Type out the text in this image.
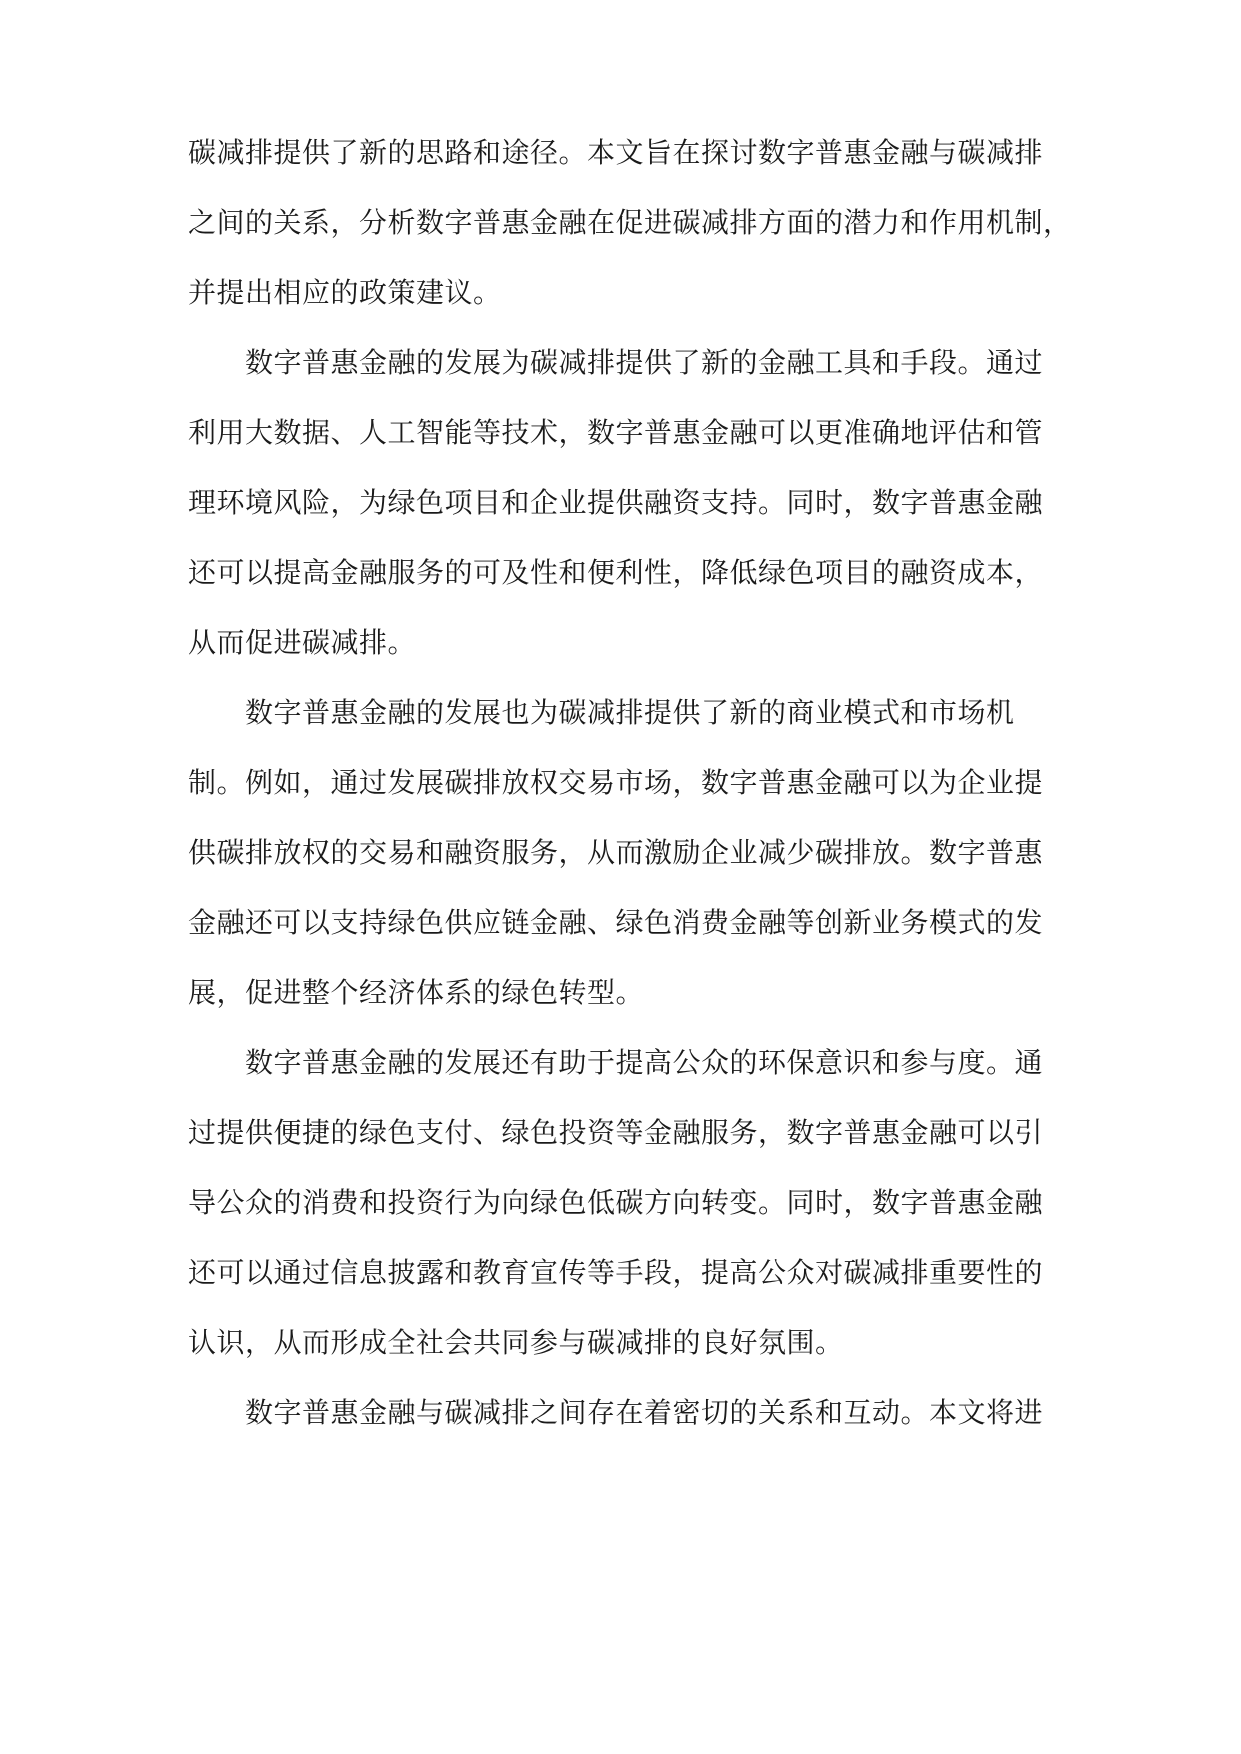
碳减排提供了新的思路和途径。本文旨在探讨数字普惠金融与碳减排
之间的关系，分析数字普惠金融在促进碳减排方面的潜力和作用机制，
并提出相应的政策建议。
数字普惠金融的发展为碳减排提供了新的金融工具和手段。通过
利用大数据、人工智能等技术，数字普惠金融可以更准确地评估和管
理环境风险，为绿色项目和企业提供融资支持。同时，数字普惠金融
还可以提高金融服务的可及性和便利性，降低绿色项目的融资成本，
从而促进碳减排。
数字普惠金融的发展也为碳减排提供了新的商业模式和市场机
制。例如，通过发展碳排放权交易市场，数字普惠金融可以为企业提
供碳排放权的交易和融资服务，从而激励企业减少碳排放。数字普惠
金融还可以支持绿色供应链金融、绿色消费金融等创新业务模式的发
展，促进整个经济体系的绿色转型。
数字普惠金融的发展还有助于提高公众的环保意识和参与度。通
过提供便捷的绿色支付、绿色投资等金融服务，数字普惠金融可以引
导公众的消费和投资行为向绿色低碳方向转变。同时，数字普惠金融
还可以通过信息披露和教育宣传等手段，提高公众对碳减排重要性的
认识，从而形成全社会共同参与碳减排的良好氛围。
数字普惠金融与碳减排之间存在着密切的关系和互动。本文将进
